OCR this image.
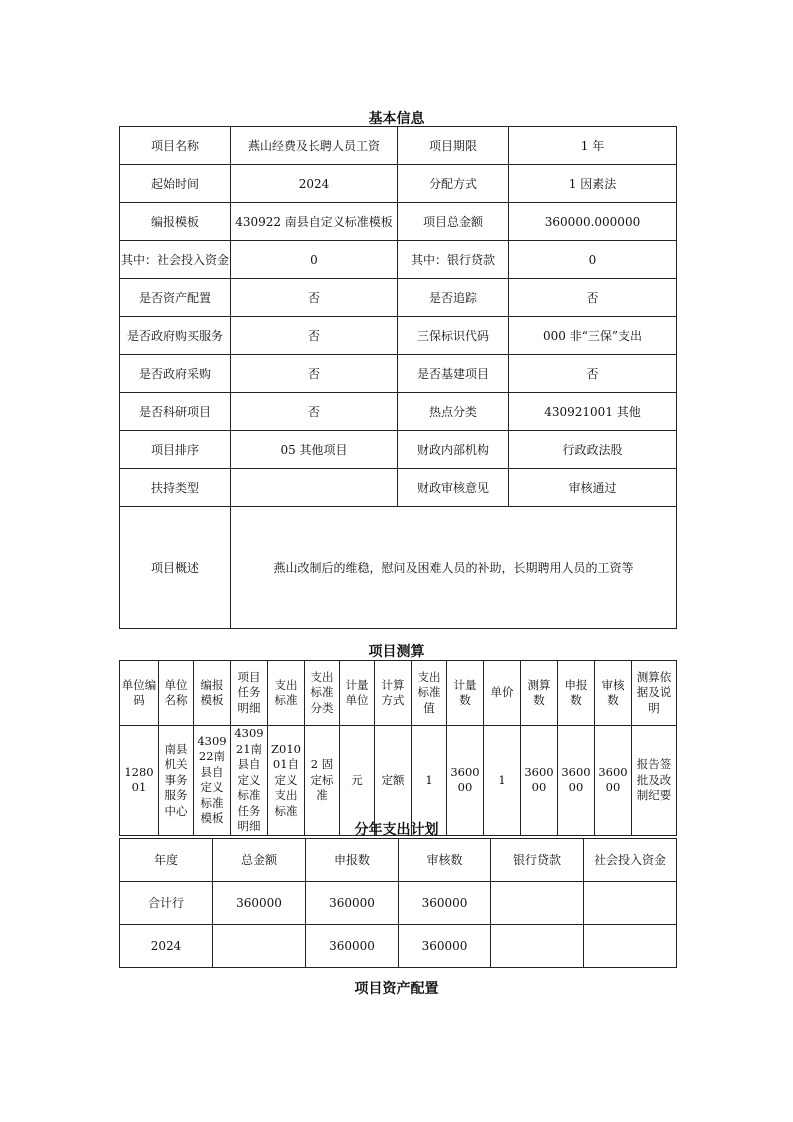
基本信息
项目名称	燕山经费及长聘人员工资	项目期限	1 年
起始时间	2024	分配方式	1 因素法
编报模板	430922 南县自定义标准模板	项目总金额	360000.000000
其中：社会投入资金	0	其中：银行贷款	0
是否资产配置	否	是否追踪	否
是否政府购买服务	否	三保标识代码	000 非“三保”支出
是否政府采购	否	是否基建项目	否
是否科研项目	否	热点分类	430921001 其他
项目排序	05 其他项目	财政内部机构	行政政法股
扶持类型		财政审核意见	审核通过
项目概述	燕山改制后的维稳，慰问及困难人员的补助，长期聘用人员的工资等		
项目测算
单位编码	单位名称	编报模板	项目任务明细	支出标准	支出标准分类	计量单位	计算方式	支出标准值	计量数	单价	测算数	申报数	审核数	测算依据及说明
128001	南县机关事务服务中心	430922南县自定义标准模板	430921南县自定义标准任务明细	Z01001自定义支出标准	2 固定标准	元	定额	1	360000	1	360000	360000	360000	报告签批及改制纪要
分年支出计划
年度	总金额	申报数	审核数	银行贷款	社会投入资金
合计行	360000	360000	360000		
2024		360000	360000		
项目资产配置
